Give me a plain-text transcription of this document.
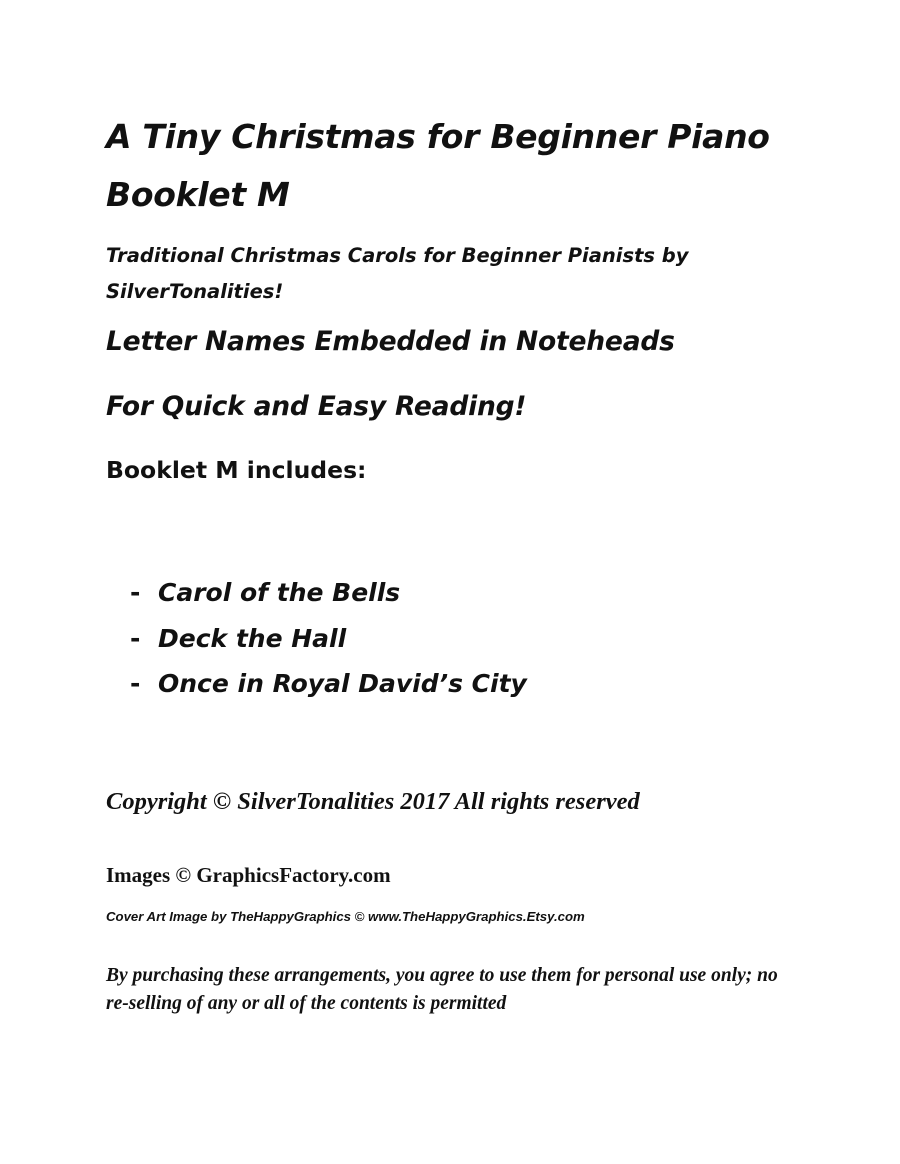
A Tiny Christmas for Beginner Piano
Booklet M

Traditional Christmas Carols for Beginner Pianists by SilverTonalities!

Letter Names Embedded in Noteheads

For Quick and Easy Reading!

Booklet M includes:

- Carol of the Bells
- Deck the Hall
- Once in Royal David’s City

Copyright © SilverTonalities 2017 All rights reserved

Images © GraphicsFactory.com

Cover Art Image by TheHappyGraphics © www.TheHappyGraphics.Etsy.com

By purchasing these arrangements, you agree to use them for personal use only; no re-selling of any or all of the contents is permitted
